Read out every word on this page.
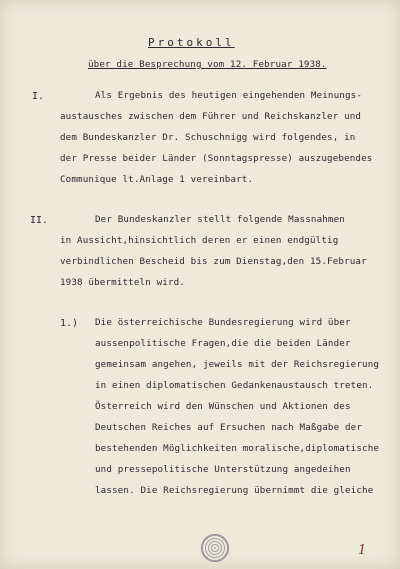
Protokoll
über die Besprechung vom 12. Februar 1938.
I.	Als Ergebnis des heutigen eingehenden Meinungs-
austausches zwischen dem Führer und Reichskanzler und
dem Bundeskanzler Dr. Schuschnigg wird folgendes, in
der Presse beider Länder (Sonntagspresse) auszugebendes
Communique lt.Anlage 1 vereinbart.
II.	Der Bundeskanzler stellt folgende Massnahmen
in Aussicht,hinsichtlich deren er einen endgültig
verbindlichen Bescheid bis zum Dienstag,den 15.Februar
1938 übermitteln wird.
1.) Die österreichische Bundesregierung wird über
aussenpolitische Fragen,die die beiden Länder
gemeinsam angehen, jeweils mit der Reichsregierung
in einen diplomatischen Gedankenaustausch treten.
Österreich wird den Wünschen und Aktionen des
Deutschen Reiches auf Ersuchen nach Maßgabe der
bestehenden Möglichkeiten moralische,diplomatische
und pressepolitische Unterstützung angedeihen
lassen. Die Reichsregierung übernimmt die gleiche
1
